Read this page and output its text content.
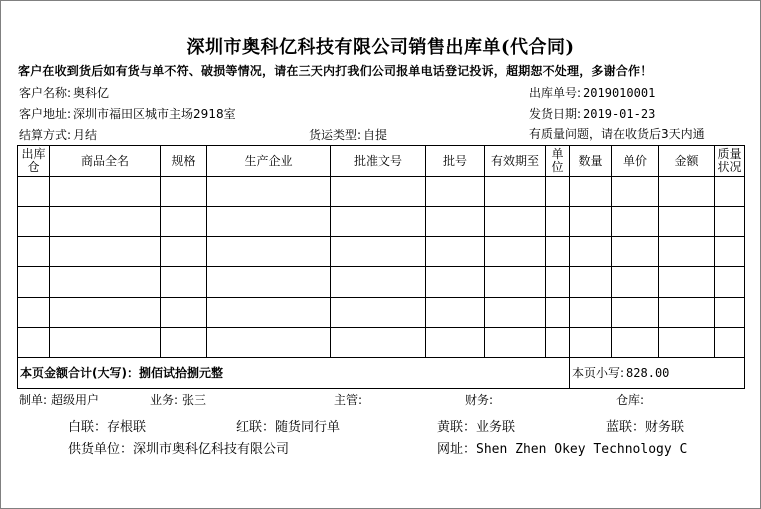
深圳市奥科亿科技有限公司销售出库单(代合同)
客户在收到货后如有货与单不符、破损等情况，请在三天内打我们公司报单电话登记投诉，超期恕不处理，多谢合作！
客户名称: 奥科亿
客户地址: 深圳市福田区城市主场2918室
结算方式: 月结	货运类型: 自提
出库单号: 2019010001
发货日期: 2019-01-23
有质量问题，请在收货后3天内通
出库仓	商品全名	规格	生产企业	批准文号	批号	有效期至	单位	数量	单价	金额	质量状况

本页金额合计(大写)：捌佰试拾捌元整								本页小写: 828.00			
制单: 超级用户	业务: 张三	主管:	财务:	仓库:
白联：存根联	红联：随货同行单	黄联：业务联	蓝联：财务联
供货单位：深圳市奥科亿科技有限公司	网址：Shen Zhen Okey Technology C
